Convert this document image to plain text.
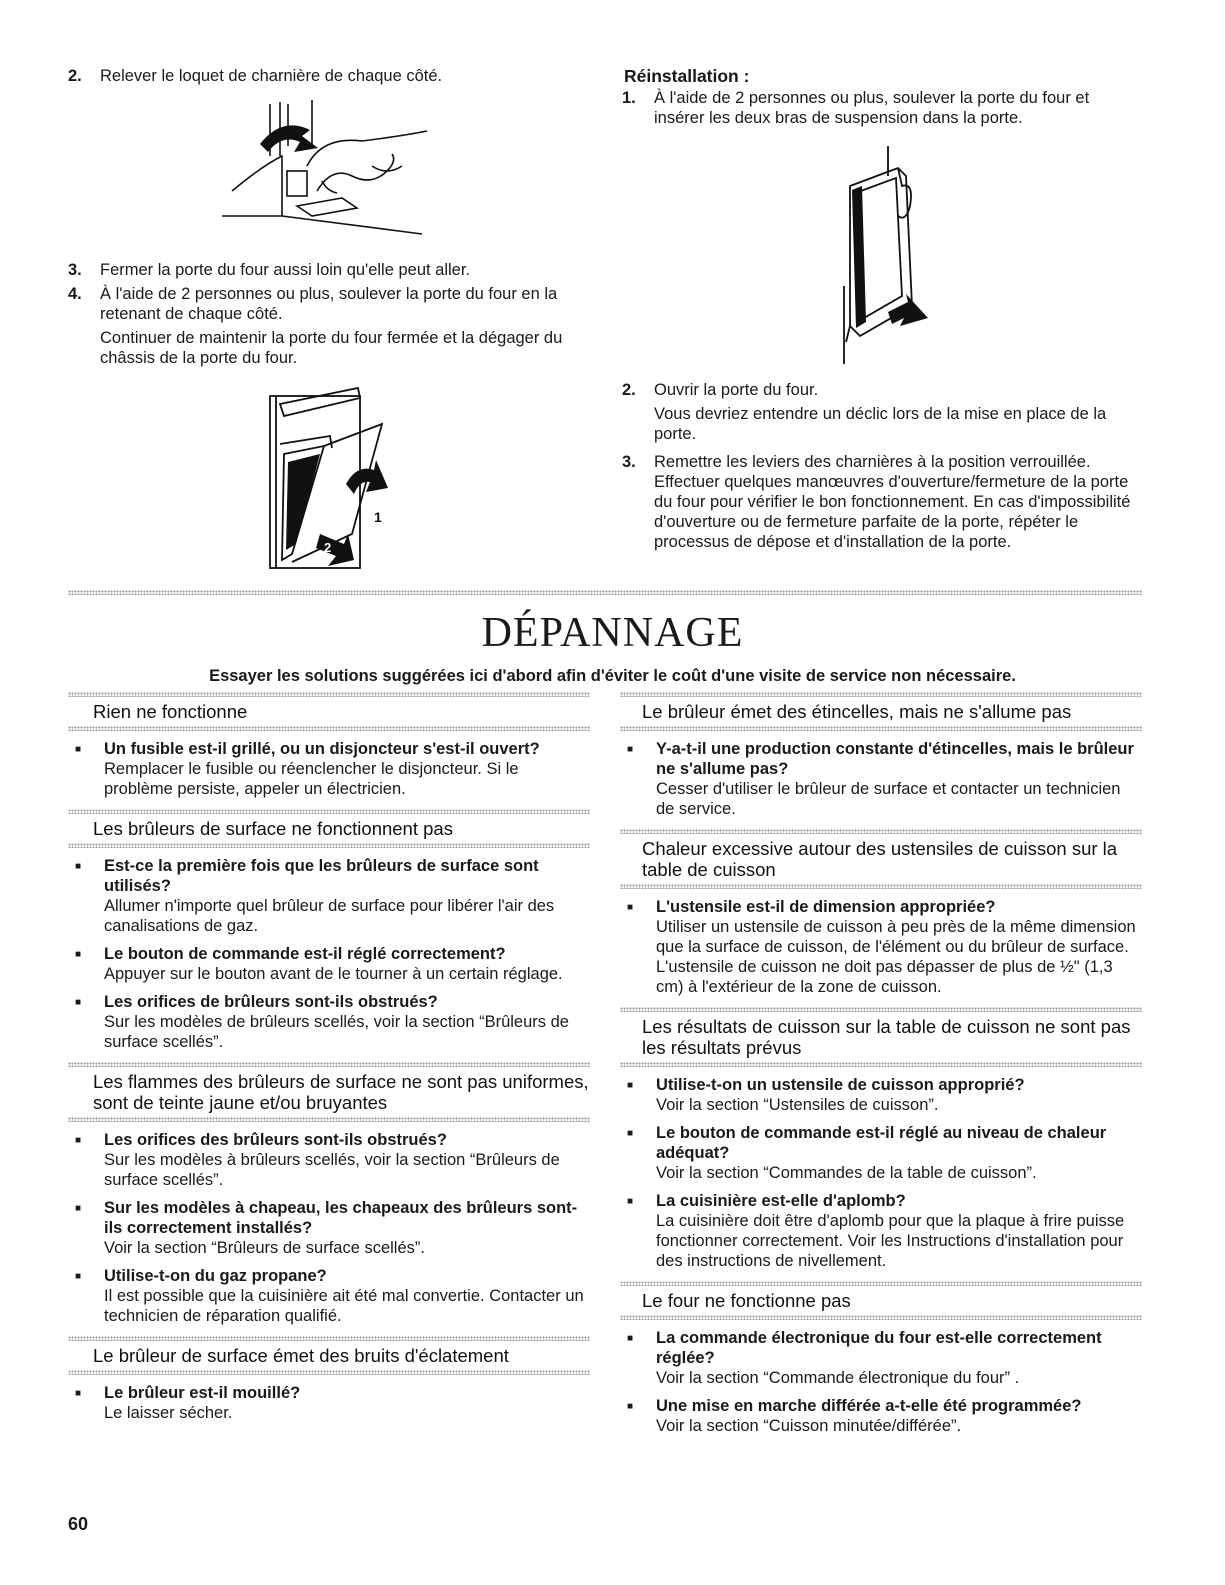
2.	Relever le loquet de charnière de chaque côté.
3.	Fermer la porte du four aussi loin qu'elle peut aller.
4.	À l'aide de 2 personnes ou plus, soulever la porte du four en la retenant de chaque côté.
Continuer de maintenir la porte du four fermée et la dégager du châssis de la porte du four.
1
2
Réinstallation :
1.	À l'aide de 2 personnes ou plus, soulever la porte du four et insérer les deux bras de suspension dans la porte.
2.	Ouvrir la porte du four.
Vous devriez entendre un déclic lors de la mise en place de la porte.
3.	Remettre les leviers des charnières à la position verrouillée. Effectuer quelques manœuvres d'ouverture/fermeture de la porte du four pour vérifier le bon fonctionnement. En cas d'impossibilité d'ouverture ou de fermeture parfaite de la porte, répéter le processus de dépose et d'installation de la porte.
DÉPANNAGE
Essayer les solutions suggérées ici d'abord afin d'éviter le coût d'une visite de service non nécessaire.
Rien ne fonctionne
■	Un fusible est-il grillé, ou un disjoncteur s'est-il ouvert?
Remplacer le fusible ou réenclencher le disjoncteur. Si le problème persiste, appeler un électricien.
Les brûleurs de surface ne fonctionnent pas
■	Est-ce la première fois que les brûleurs de surface sont utilisés?
Allumer n'importe quel brûleur de surface pour libérer l'air des canalisations de gaz.
■	Le bouton de commande est-il réglé correctement?
Appuyer sur le bouton avant de le tourner à un certain réglage.
■	Les orifices de brûleurs sont-ils obstrués?
Sur les modèles de brûleurs scellés, voir la section “Brûleurs de surface scellés”.
Les flammes des brûleurs de surface ne sont pas uniformes, sont de teinte jaune et/ou bruyantes
■	Les orifices des brûleurs sont-ils obstrués?
Sur les modèles à brûleurs scellés, voir la section “Brûleurs de surface scellés”.
■	Sur les modèles à chapeau, les chapeaux des brûleurs sont-ils correctement installés?
Voir la section “Brûleurs de surface scellés”.
■	Utilise-t-on du gaz propane?
Il est possible que la cuisinière ait été mal convertie. Contacter un technicien de réparation qualifié.
Le brûleur de surface émet des bruits d'éclatement
■	Le brûleur est-il mouillé?
Le laisser sécher.
Le brûleur émet des étincelles, mais ne s'allume pas
■	Y-a-t-il une production constante d'étincelles, mais le brûleur ne s'allume pas?
Cesser d'utiliser le brûleur de surface et contacter un technicien de service.
Chaleur excessive autour des ustensiles de cuisson sur la table de cuisson
■	L'ustensile est-il de dimension appropriée?
Utiliser un ustensile de cuisson à peu près de la même dimension que la surface de cuisson, de l'élément ou du brûleur de surface. L'ustensile de cuisson ne doit pas dépasser de plus de ½" (1,3 cm) à l'extérieur de la zone de cuisson.
Les résultats de cuisson sur la table de cuisson ne sont pas les résultats prévus
■	Utilise-t-on un ustensile de cuisson approprié?
Voir la section “Ustensiles de cuisson”.
■	Le bouton de commande est-il réglé au niveau de chaleur adéquat?
Voir la section “Commandes de la table de cuisson”.
■	La cuisinière est-elle d'aplomb?
La cuisinière doit être d'aplomb pour que la plaque à frire puisse fonctionner correctement. Voir les Instructions d'installation pour des instructions de nivellement.
Le four ne fonctionne pas
■	La commande électronique du four est-elle correctement réglée?
Voir la section “Commande électronique du four” .
■	Une mise en marche différée a-t-elle été programmée?
Voir la section “Cuisson minutée/différée”.
60
